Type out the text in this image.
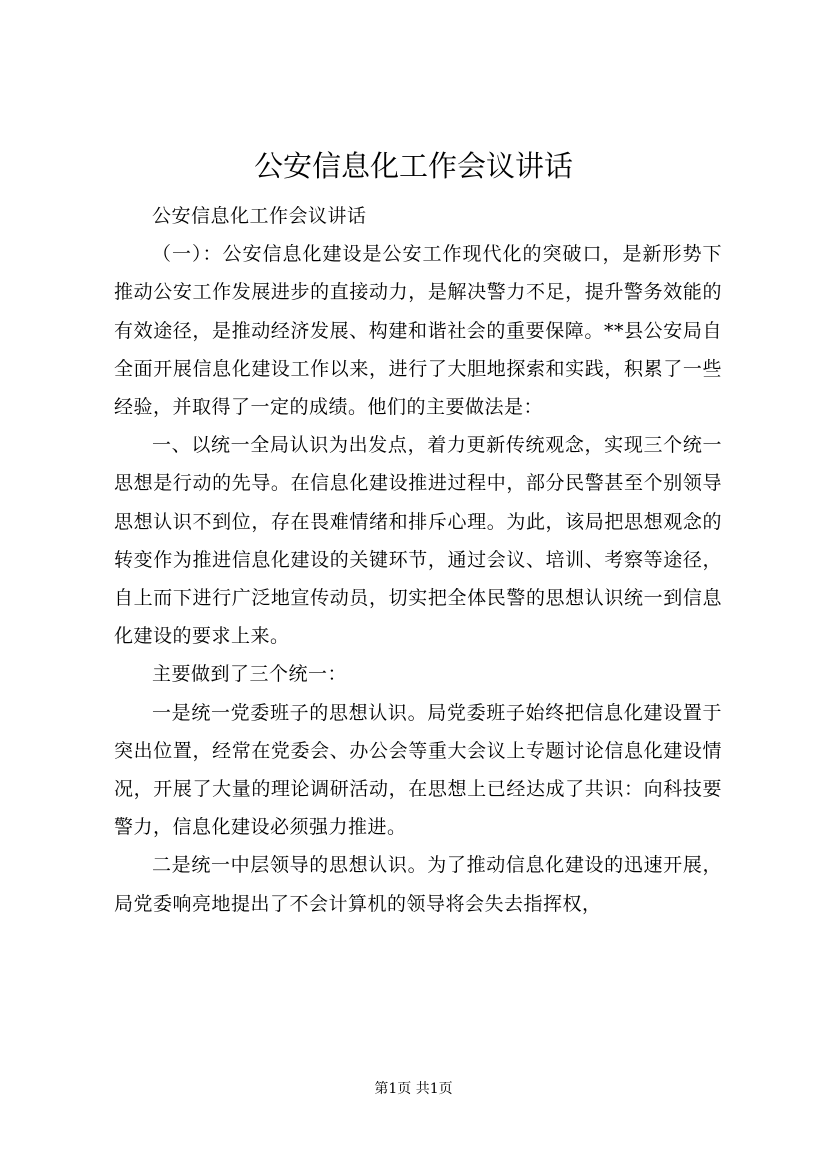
公安信息化工作会议讲话

公安信息化工作会议讲话

（一）：公安信息化建设是公安工作现代化的突破口，是新形势下推动公安工作发展进步的直接动力，是解决警力不足，提升警务效能的有效途径，是推动经济发展、构建和谐社会的重要保障。**县公安局自全面开展信息化建设工作以来，进行了大胆地探索和实践，积累了一些经验，并取得了一定的成绩。他们的主要做法是：

一、以统一全局认识为出发点，着力更新传统观念，实现三个统一思想是行动的先导。在信息化建设推进过程中，部分民警甚至个别领导思想认识不到位，存在畏难情绪和排斥心理。为此，该局把思想观念的转变作为推进信息化建设的关键环节，通过会议、培训、考察等途径，自上而下进行广泛地宣传动员，切实把全体民警的思想认识统一到信息化建设的要求上来。

主要做到了三个统一：

一是统一党委班子的思想认识。局党委班子始终把信息化建设置于突出位置，经常在党委会、办公会等重大会议上专题讨论信息化建设情况，开展了大量的理论调研活动，在思想上已经达成了共识：向科技要警力，信息化建设必须强力推进。

二是统一中层领导的思想认识。为了推动信息化建设的迅速开展，局党委响亮地提出了不会计算机的领导将会失去指挥权，

第1页 共1页
